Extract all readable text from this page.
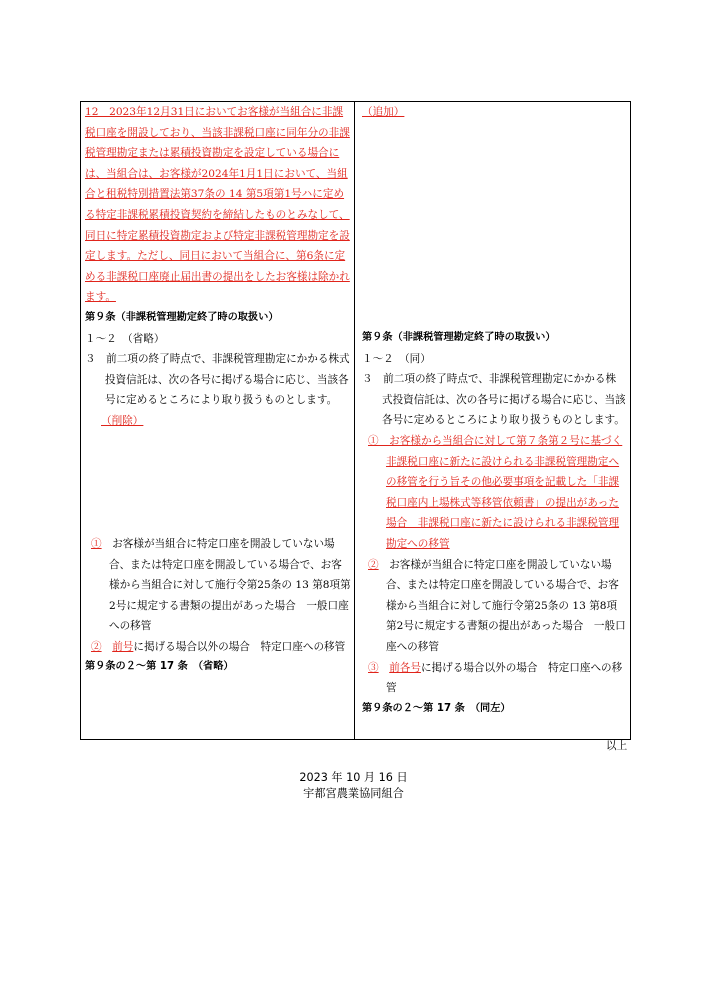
12　2023年12月31日においてお客様が当組合に非課税口座を開設しており、当該非課税口座に同年分の非課税管理勘定または累積投資勘定を設定している場合には、当組合は、お客様が2024年1月1日において、当組合と租税特別措置法第37条の 14 第5項第1号ハに定める特定非課税累積投資契約を締結したものとみなして、同日に特定累積投資勘定および特定非課税管理勘定を設定します。ただし、同日において当組合に、第6条に定める非課税口座廃止届出書の提出をしたお客様は除かれます。

第９条（非課税管理勘定終了時の取扱い）

１～２　（省略）

３　前二項の終了時点で、非課税管理勘定にかかる株式投資信託は、次の各号に掲げる場合に応じ、当該各号に定めるところにより取り扱うものとします。

（削除）

①　 お客様が当組合に特定口座を開設していない場合、または特定口座を開設している場合で、お客様から当組合に対して施行令第25条の 13 第8項第2号に規定する書類の提出があった場合　一般口座への移管

②　 前号に掲げる場合以外の場合　特定口座への移管

第９条の２～第 17 条　（省略）

（追加）

第９条（非課税管理勘定終了時の取扱い）

１～２　（同）

３　前二項の終了時点で、非課税管理勘定にかかる株式投資信託は、次の各号に掲げる場合に応じ、当該各号に定めるところにより取り扱うものとします。

①　お客様から当組合に対して第７条第２号に基づく非課税口座に新たに設けられる非課税管理勘定への移管を行う旨その他必要事項を記載した「非課税口座内上場株式等移管依頼書」の提出があった場合　非課税口座に新たに設けられる非課税管理勘定への移管

②　 お客様が当組合に特定口座を開設していない場合、または特定口座を開設している場合で、お客様から当組合に対して施行令第25条の 13 第8項第2号に規定する書類の提出があった場合　一般口座への移管

③　 前各号に掲げる場合以外の場合　特定口座への移管

第９条の２～第 17 条　（同左）

以上
2023 年 10 月 16 日
宇都宮農業協同組合
